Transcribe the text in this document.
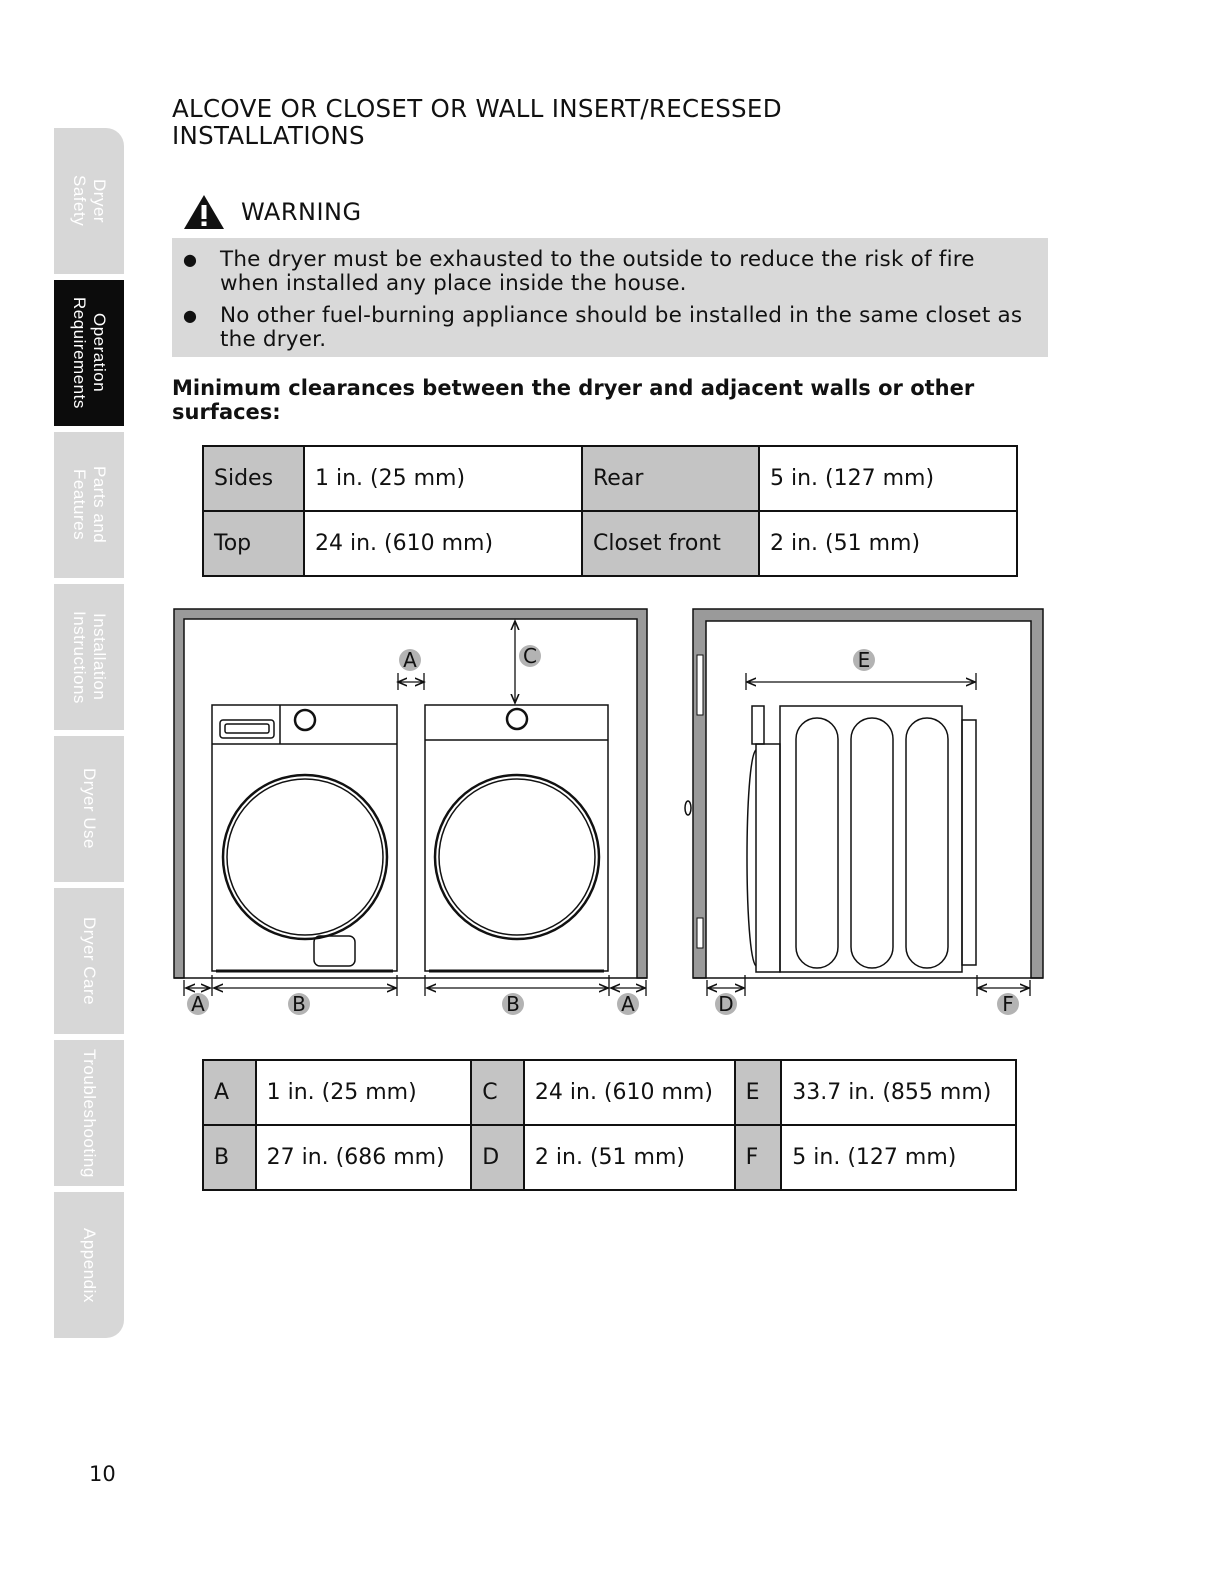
Dryer
Safety
Operation
Requirements
Parts and
Features
Installation
Instructions
Dryer Use
Dryer Care
Troubleshooting
Appendix
ALCOVE OR CLOSET OR WALL INSERT/RECESSED INSTALLATIONS
WARNING
● The dryer must be exhausted to the outside to reduce the risk of fire when installed any place inside the house.
● No other fuel-burning appliance should be installed in the same closet as the dryer.

Minimum clearances between the dryer and adjacent walls or other surfaces:

Sides	1 in. (25 mm)	Rear	5 in. (127 mm)
Top	24 in. (610 mm)	Closet front	2 in. (51 mm)
A	C
A	B	B	A
E
D	F
A	1 in. (25 mm)	C	24 in. (610 mm)	E	33.7 in. (855 mm)
B	27 in. (686 mm)	D	2 in. (51 mm)	F	5 in. (127 mm)
10
